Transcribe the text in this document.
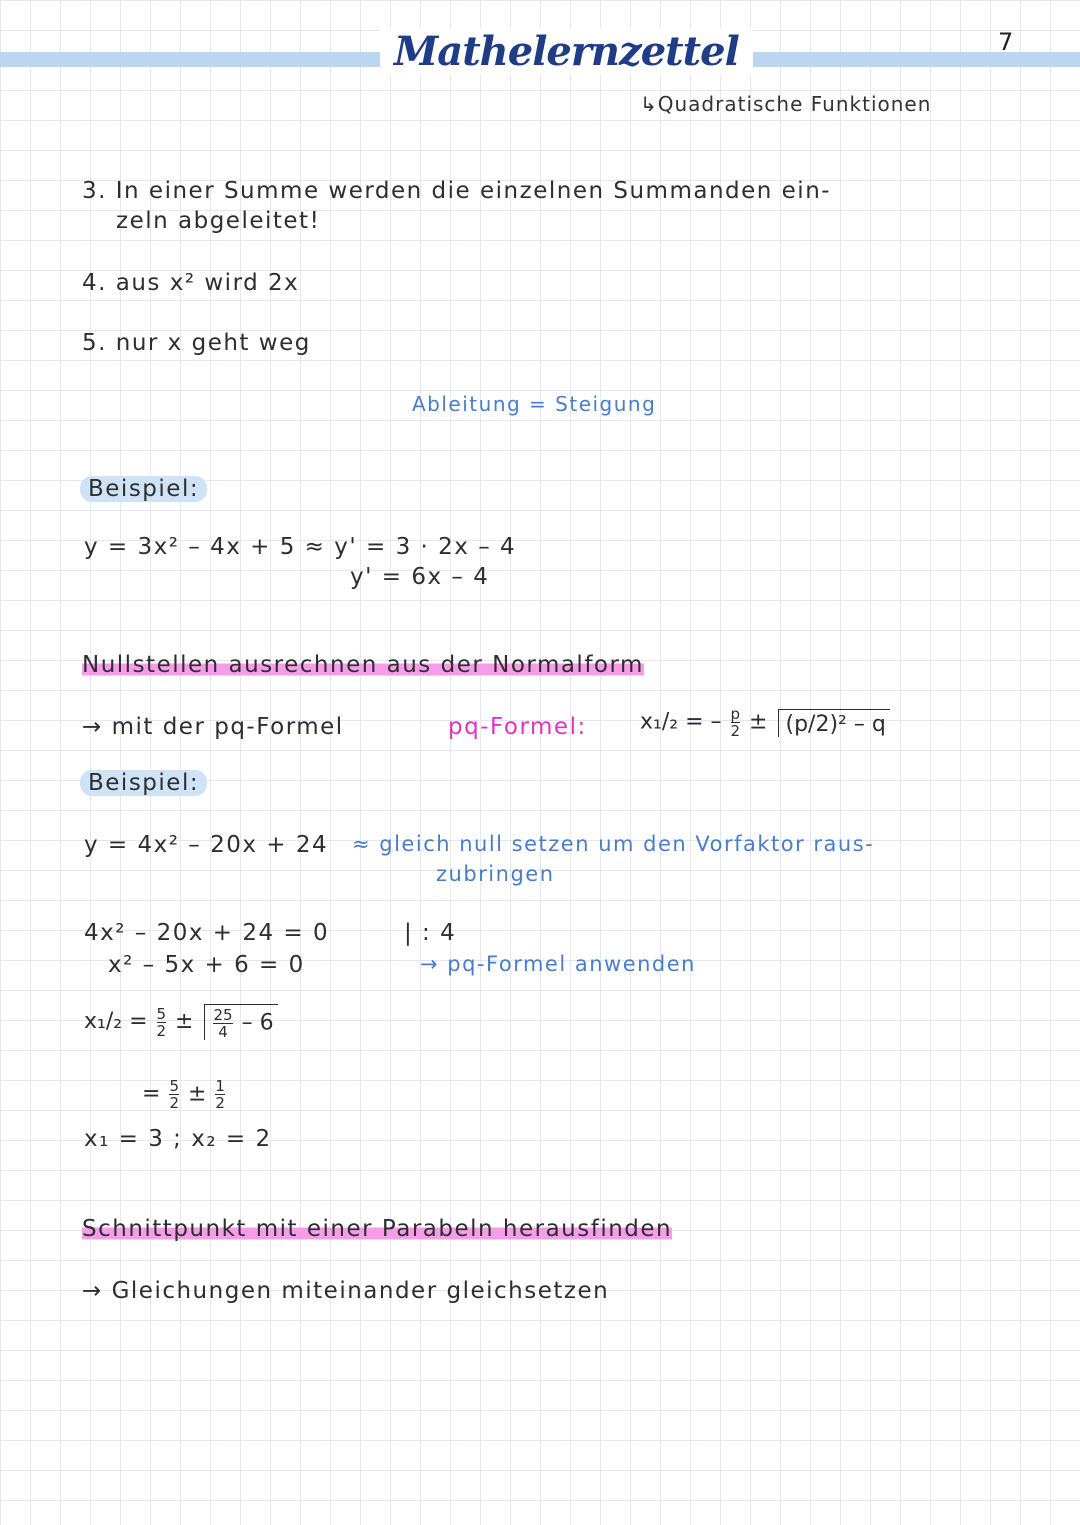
Mathelernzettel	7
↳Quadratische Funktionen
3. In einer Summe werden die einzelnen Summanden ein-
zeln abgeleitet!
4. aus x² wird 2x
5. nur x geht weg
Ableitung = Steigung
Beispiel:
y = 3x² – 4x + 5 ≈ y' = 3 · 2x – 4
y' = 6x – 4
Nullstellen ausrechnen aus der Normalform
→ mit der pq-Formel	pq-Formel: x₁/₂ = – $\frac{p}{2} \pm (p/2)^2 - q$
Beispiel:
y = 4x² – 20x + 24 ≈ gleich null setzen um den Vorfaktor raus-
zubringen
4x² – 20x + 24 = 0	| : 4
x² – 5x + 6 = 0	→ pq-Formel anwenden
$x_1/_2 = \frac{5}{2} \pm \frac{25}{4} - 6$
= $\frac{5}{2} \pm \frac{1}{2}$
x₁ = 3 ; x₂ = 2
Schnittpunkt mit einer Parabeln herausfinden
→ Gleichungen miteinander gleichsetzen
